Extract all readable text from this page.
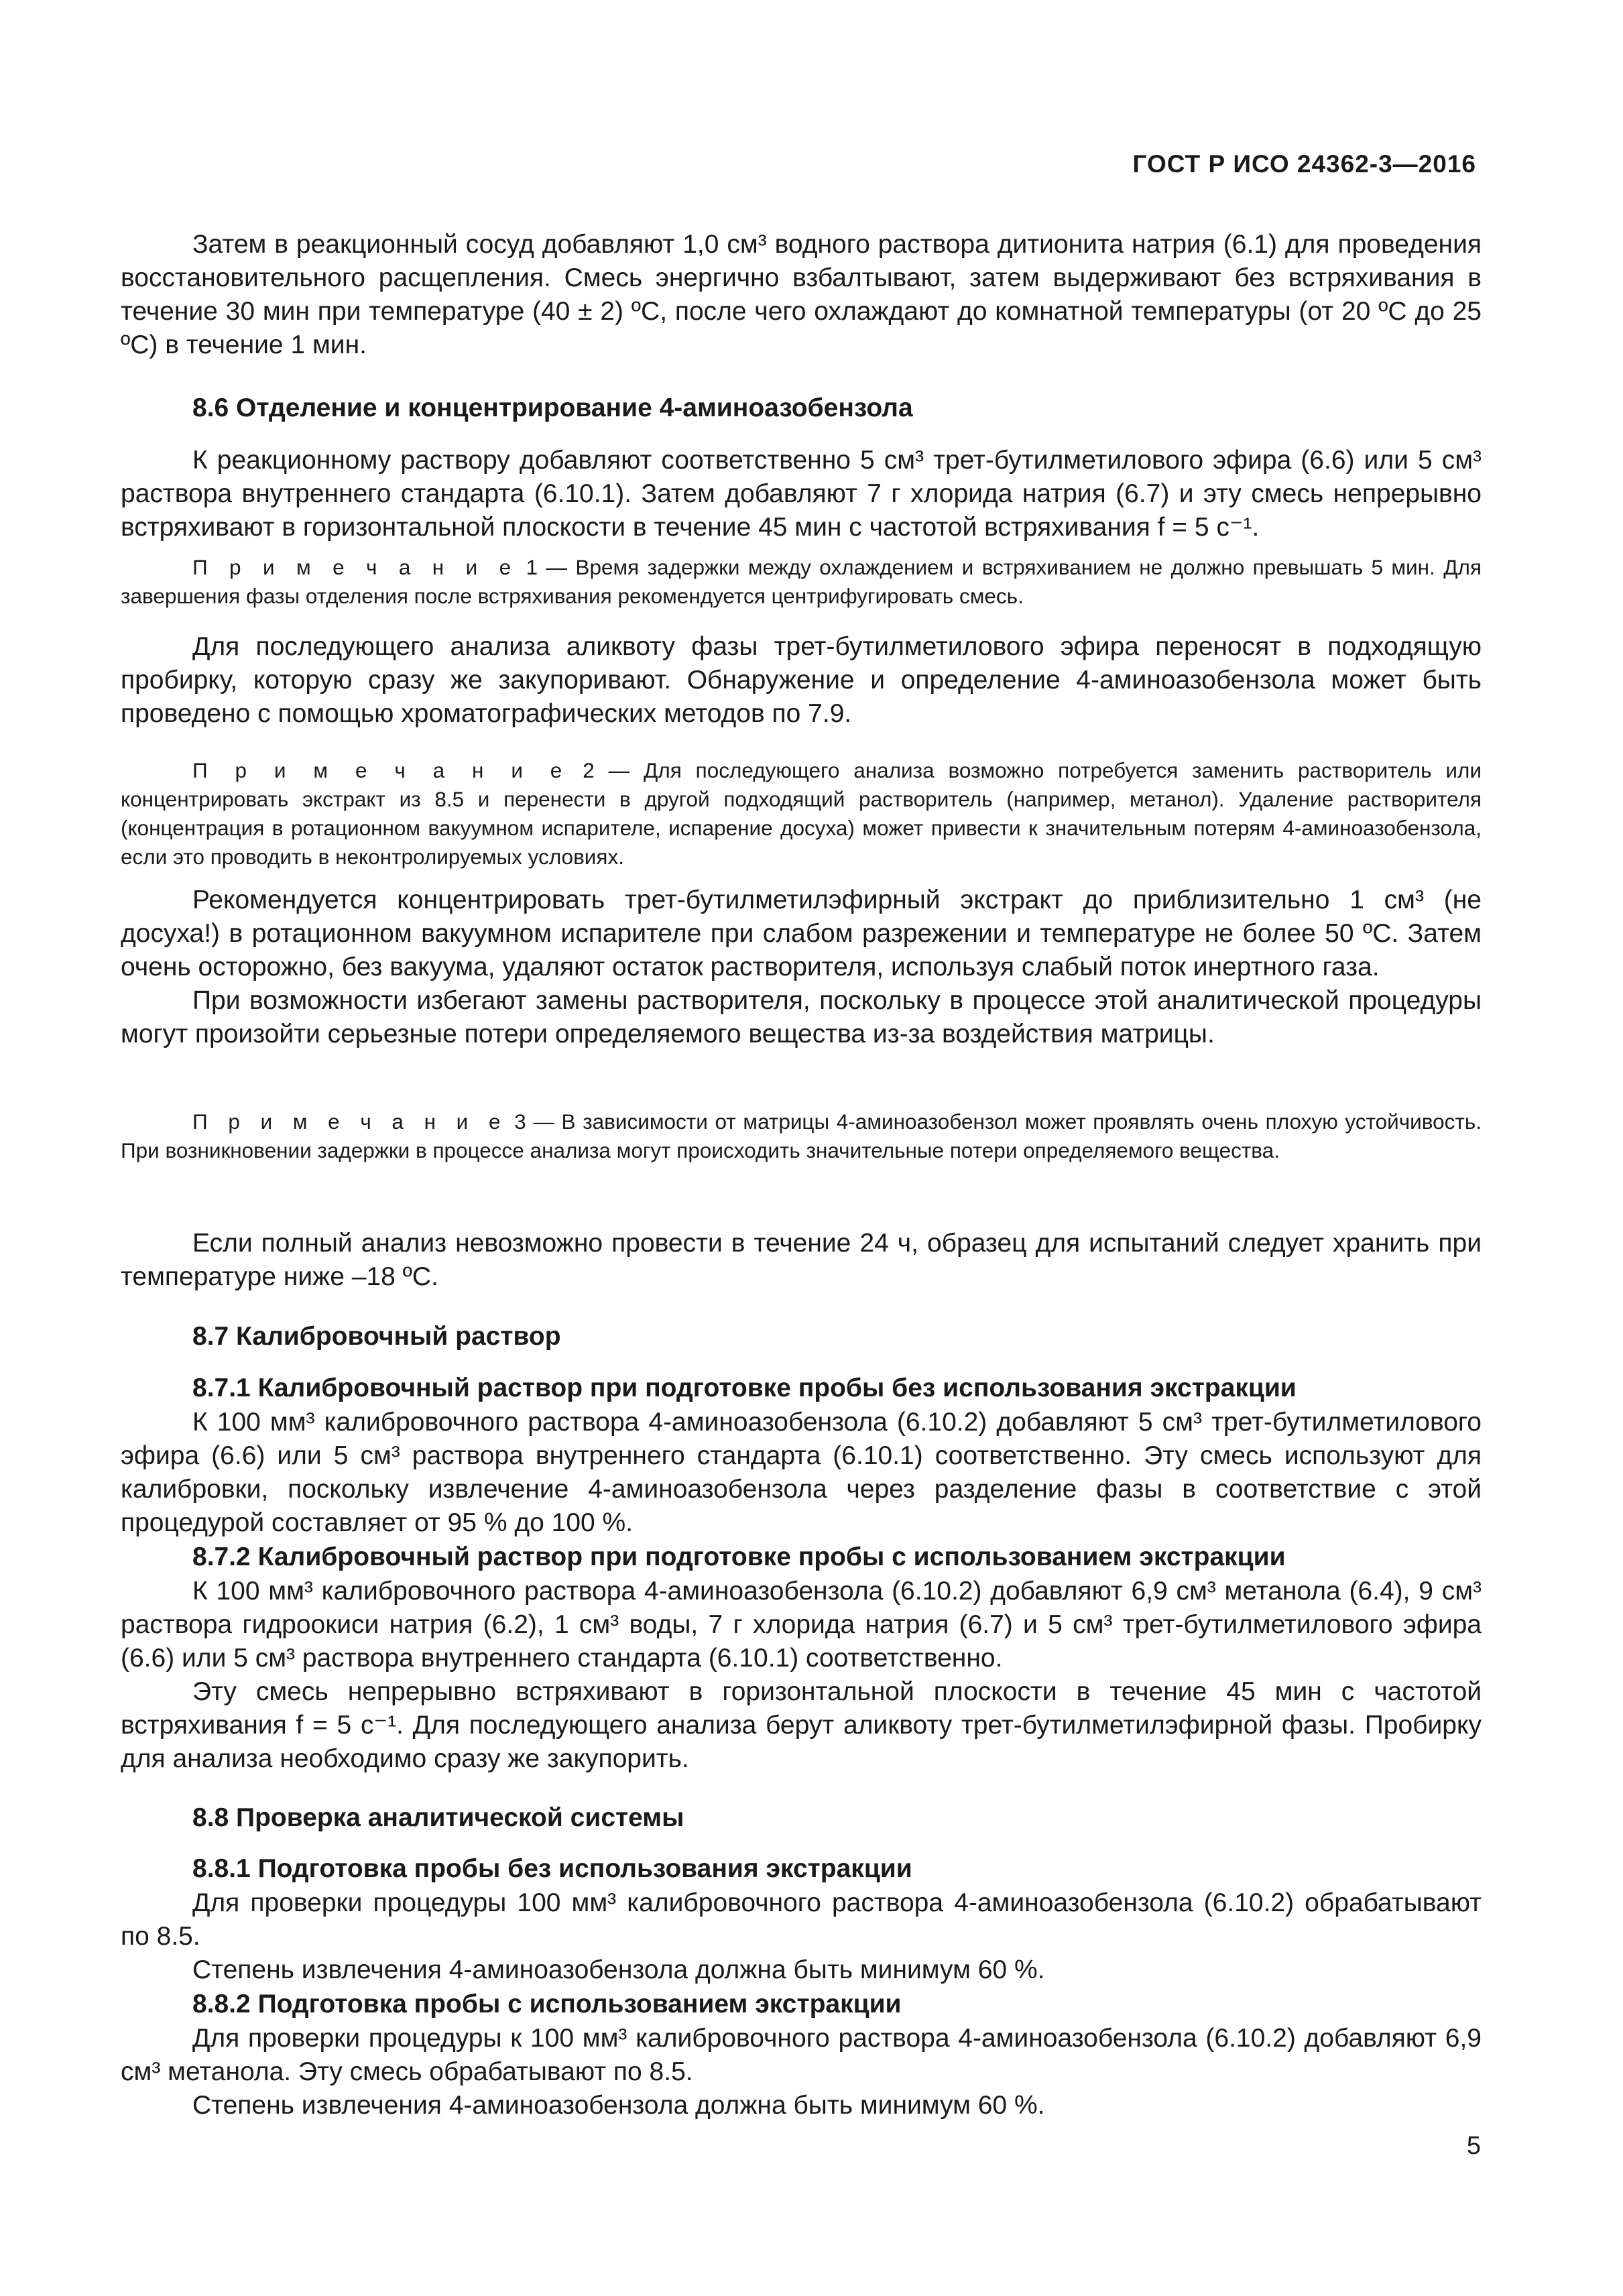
ГОСТ Р ИСО 24362-3—2016

Затем в реакционный сосуд добавляют 1,0 см³ водного раствора дитионита натрия (6.1) для проведения восстановительного расщепления. Смесь энергично взбалтывают, затем выдерживают без встряхивания в течение 30 мин при температуре (40 ± 2) ºС, после чего охлаждают до комнатной температуры (от 20 ºС до 25 ºС) в течение 1 мин.

8.6 Отделение и концентрирование 4-аминоазобензола

К реакционному раствору добавляют соответственно 5 см³ трет-бутилметилового эфира (6.6) или 5 см³ раствора внутреннего стандарта (6.10.1). Затем добавляют 7 г хлорида натрия (6.7) и эту смесь непрерывно встряхивают в горизонтальной плоскости в течение 45 мин с частотой встряхивания f = 5 с⁻¹.

П р и м е ч а н и е 1 — Время задержки между охлаждением и встряхиванием не должно превышать 5 мин. Для завершения фазы отделения после встряхивания рекомендуется центрифугировать смесь.

Для последующего анализа аликвоту фазы трет-бутилметилового эфира переносят в подходящую пробирку, которую сразу же закупоривают. Обнаружение и определение 4-аминоазобензола может быть проведено с помощью хроматографических методов по 7.9.

П р и м е ч а н и е 2 — Для последующего анализа возможно потребуется заменить растворитель или концентрировать экстракт из 8.5 и перенести в другой подходящий растворитель (например, метанол). Удаление растворителя (концентрация в ротационном вакуумном испарителе, испарение досуха) может привести к значительным потерям 4-аминоазобензола, если это проводить в неконтролируемых условиях.

Рекомендуется концентрировать трет-бутилметилэфирный экстракт до приблизительно 1 см³ (не досуха!) в ротационном вакуумном испарителе при слабом разрежении и температуре не более 50 ºС. Затем очень осторожно, без вакуума, удаляют остаток растворителя, используя слабый поток инертного газа.

При возможности избегают замены растворителя, поскольку в процессе этой аналитической процедуры могут произойти серьезные потери определяемого вещества из-за воздействия матрицы.

П р и м е ч а н и е 3 — В зависимости от матрицы 4-аминоазобензол может проявлять очень плохую устойчивость. При возникновении задержки в процессе анализа могут происходить значительные потери определяемого вещества.

Если полный анализ невозможно провести в течение 24 ч, образец для испытаний следует хранить при температуре ниже –18 ºС.

8.7 Калибровочный раствор

8.7.1 Калибровочный раствор при подготовке пробы без использования экстракции

К 100 мм³ калибровочного раствора 4-аминоазобензола (6.10.2) добавляют 5 см³ трет-бутилметилового эфира (6.6) или 5 см³ раствора внутреннего стандарта (6.10.1) соответственно. Эту смесь используют для калибровки, поскольку извлечение 4-аминоазобензола через разделение фазы в соответствие с этой процедурой составляет от 95 % до 100 %.

8.7.2 Калибровочный раствор при подготовке пробы с использованием экстракции

К 100 мм³ калибровочного раствора 4-аминоазобензола (6.10.2) добавляют 6,9 см³ метанола (6.4), 9 см³ раствора гидроокиси натрия (6.2), 1 см³ воды, 7 г хлорида натрия (6.7) и 5 см³ трет-бутилметилового эфира (6.6) или 5 см³ раствора внутреннего стандарта (6.10.1) соответственно.

Эту смесь непрерывно встряхивают в горизонтальной плоскости в течение 45 мин с частотой встряхивания f = 5 с⁻¹. Для последующего анализа берут аликвоту трет-бутилметилэфирной фазы. Пробирку для анализа необходимо сразу же закупорить.

8.8 Проверка аналитической системы

8.8.1 Подготовка пробы без использования экстракции

Для проверки процедуры 100 мм³ калибровочного раствора 4-аминоазобензола (6.10.2) обрабатывают по 8.5.

Степень извлечения 4-аминоазобензола должна быть минимум 60 %.

8.8.2 Подготовка пробы с использованием экстракции

Для проверки процедуры к 100 мм³ калибровочного раствора 4-аминоазобензола (6.10.2) добавляют 6,9 см³ метанола. Эту смесь обрабатывают по 8.5.

Степень извлечения 4-аминоазобензола должна быть минимум 60 %.

5
